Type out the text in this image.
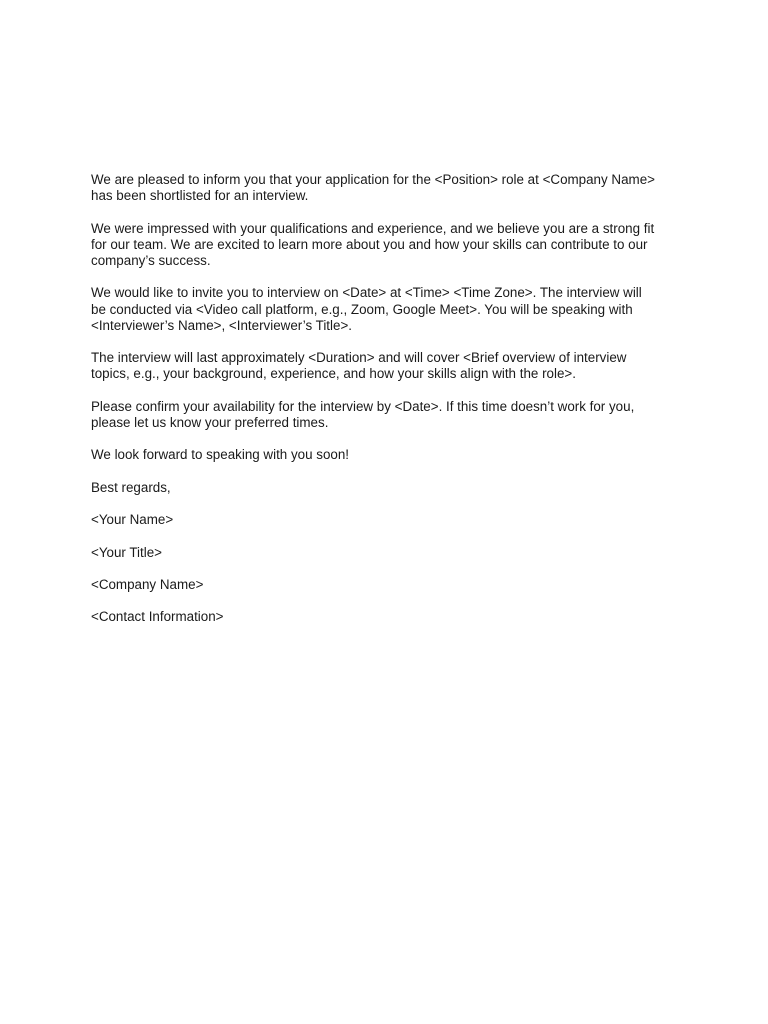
We are pleased to inform you that your application for the <Position> role at <Company Name>
has been shortlisted for an interview.

We were impressed with your qualifications and experience, and we believe you are a strong fit
for our team. We are excited to learn more about you and how your skills can contribute to our
company’s success.

We would like to invite you to interview on <Date> at <Time> <Time Zone>. The interview will
be conducted via <Video call platform, e.g., Zoom, Google Meet>. You will be speaking with
<Interviewer’s Name>, <Interviewer’s Title>.

The interview will last approximately <Duration> and will cover <Brief overview of interview
topics, e.g., your background, experience, and how your skills align with the role>.

Please confirm your availability for the interview by <Date>. If this time doesn’t work for you,
please let us know your preferred times.

We look forward to speaking with you soon!

Best regards,

<Your Name>

<Your Title>

<Company Name>

<Contact Information>
